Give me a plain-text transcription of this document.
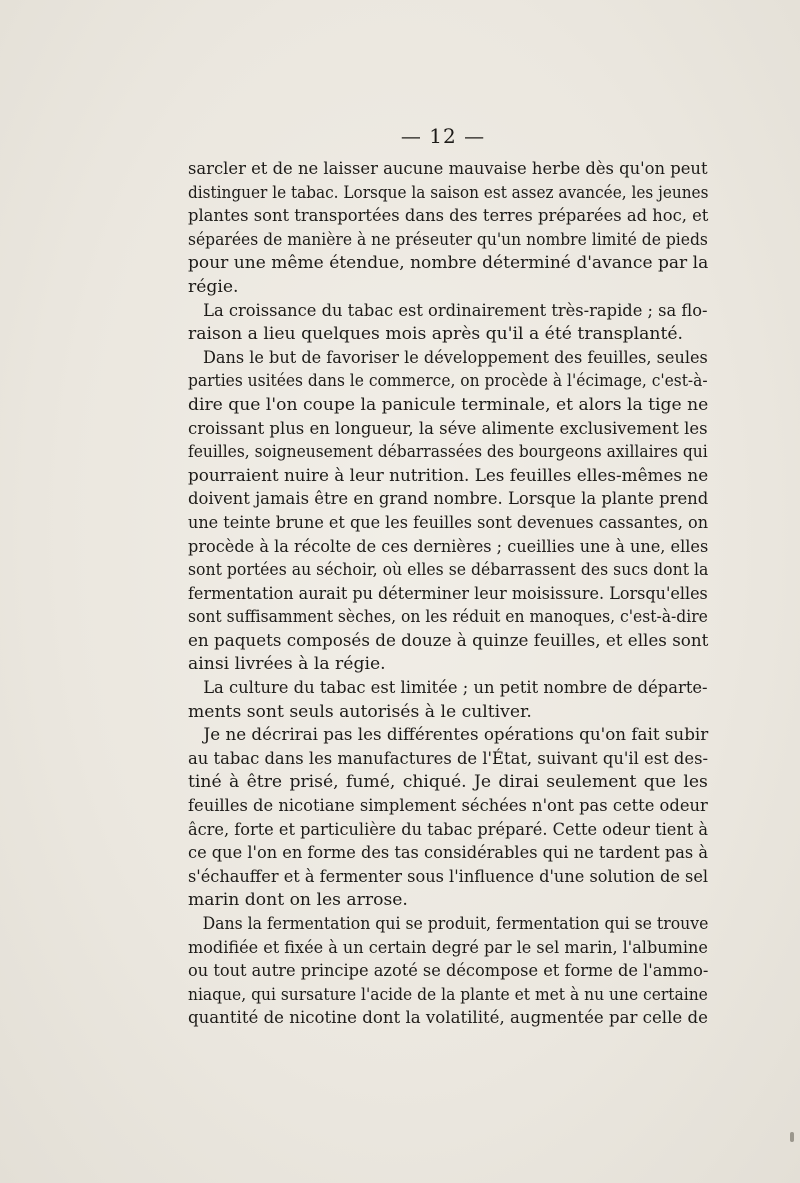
— 12 —
sarcler et de ne laisser aucune mauvaise herbe dès qu'on peut
distinguer le tabac. Lorsque la saison est assez avancée, les jeunes
plantes sont transportées dans des terres préparées ad hoc, et
séparées de manière à ne préseuter qu'un nombre limité de pieds
pour une même étendue, nombre déterminé d'avance par la
régie.
La croissance du tabac est ordinairement très-rapide ; sa flo-
raison a lieu quelques mois après qu'il a été transplanté.
Dans le but de favoriser le développement des feuilles, seules
parties usitées dans le commerce, on procède à l'écimage, c'est-à-
dire que l'on coupe la panicule terminale, et alors la tige ne
croissant plus en longueur, la séve alimente exclusivement les
feuilles, soigneusement débarrassées des bourgeons axillaires qui
pourraient nuire à leur nutrition. Les feuilles elles-mêmes ne
doivent jamais être en grand nombre. Lorsque la plante prend
une teinte brune et que les feuilles sont devenues cassantes, on
procède à la récolte de ces dernières ; cueillies une à une, elles
sont portées au séchoir, où elles se débarrassent des sucs dont la
fermentation aurait pu déterminer leur moisissure. Lorsqu'elles
sont suffisamment sèches, on les réduit en manoques, c'est-à-dire
en paquets composés de douze à quinze feuilles, et elles sont
ainsi livrées à la régie.
La culture du tabac est limitée ; un petit nombre de départe-
ments sont seuls autorisés à le cultiver.
Je ne décrirai pas les différentes opérations qu'on fait subir
au tabac dans les manufactures de l'État, suivant qu'il est des-
tiné à être prisé, fumé, chiqué. Je dirai seulement que les
feuilles de nicotiane simplement séchées n'ont pas cette odeur
âcre, forte et particulière du tabac préparé. Cette odeur tient à
ce que l'on en forme des tas considérables qui ne tardent pas à
s'échauffer et à fermenter sous l'influence d'une solution de sel
marin dont on les arrose.
Dans la fermentation qui se produit, fermentation qui se trouve
modifiée et fixée à un certain degré par le sel marin, l'albumine
ou tout autre principe azoté se décompose et forme de l'ammo-
niaque, qui sursature l'acide de la plante et met à nu une certaine
quantité de nicotine dont la volatilité, augmentée par celle de
